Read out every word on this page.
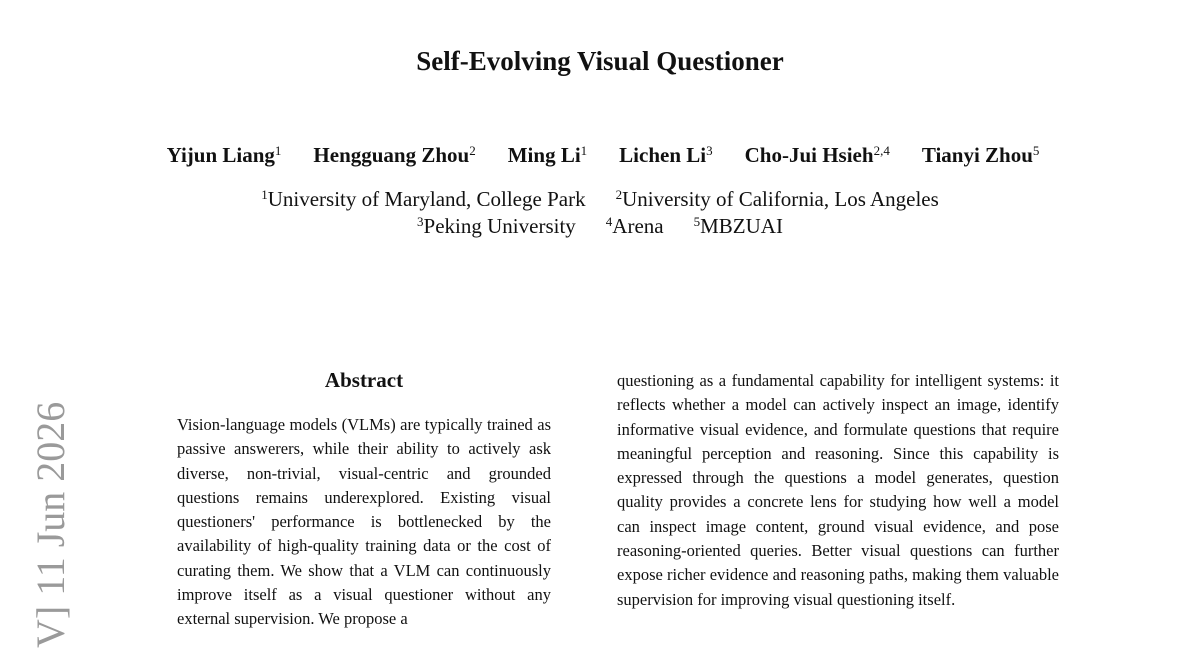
Self-Evolving Visual Questioner
Yijun Liang$^1$ Hengguang Zhou$^2$ Ming Li$^1$ Lichen Li$^3$ Cho-Jui Hsieh$^{2,4}$ Tianyi Zhou$^5$
$^1$University of Maryland, College Park $^2$University of California, Los Angeles
$^3$Peking University $^4$Arena $^5$MBZUAI
V] 11 Jun 2026
Abstract

Vision-language models (VLMs) are typically trained as passive answerers, while their ability to actively ask diverse, non-trivial, visual-centric and grounded questions remains underexplored. Existing visual questioners' performance is bottlenecked by the availability of high-quality training data or the cost of curating them. We show that a VLM can continuously improve itself as a visual questioner without any external supervision. We propose a

questioning as a fundamental capability for intelligent systems: it reflects whether a model can actively inspect an image, identify informative visual evidence, and formulate questions that require meaningful perception and reasoning. Since this capability is expressed through the questions a model generates, question quality provides a concrete lens for studying how well a model can inspect image content, ground visual evidence, and pose reasoning-oriented queries. Better visual questions can further expose richer evidence and reasoning paths, making them valuable supervision for improving visual questioning itself.
